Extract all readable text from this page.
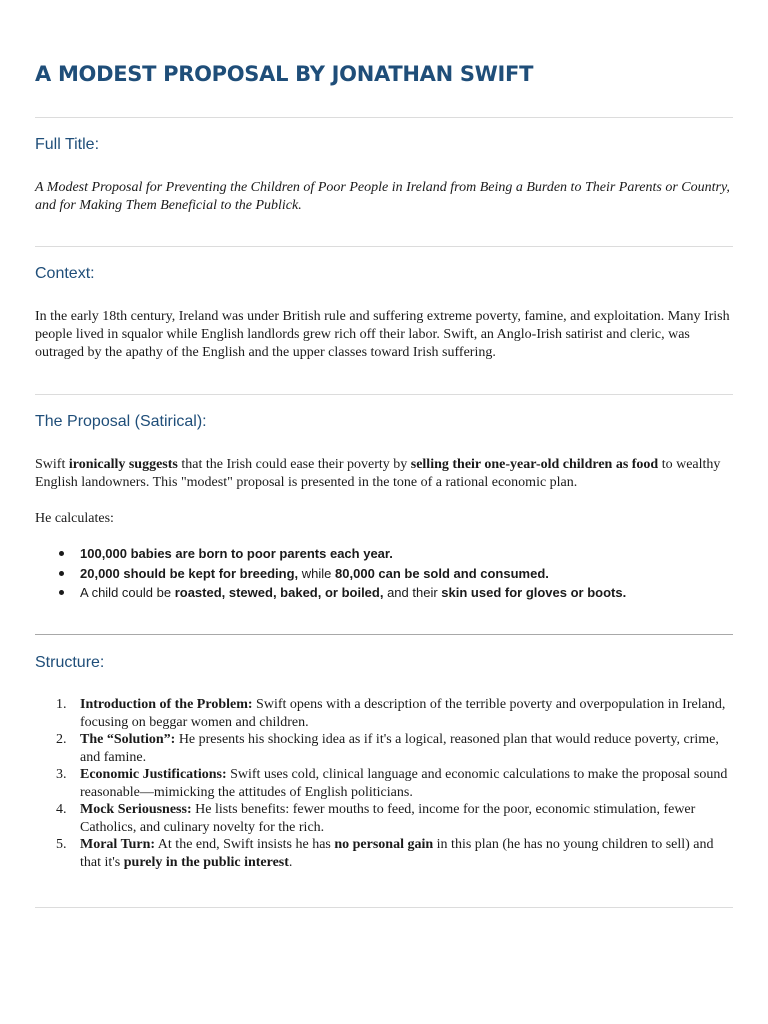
A MODEST PROPOSAL BY JONATHAN SWIFT
Full Title:

A Modest Proposal for Preventing the Children of Poor People in Ireland from Being a Burden to Their Parents or Country, and for Making Them Beneficial to the Publick.

Context:

In the early 18th century, Ireland was under British rule and suffering extreme poverty, famine, and exploitation. Many Irish people lived in squalor while English landlords grew rich off their labor. Swift, an Anglo-Irish satirist and cleric, was outraged by the apathy of the English and the upper classes toward Irish suffering.

The Proposal (Satirical):

Swift ironically suggests that the Irish could ease their poverty by selling their one-year-old children as food to wealthy English landowners. This "modest" proposal is presented in the tone of a rational economic plan.

He calculates:

100,000 babies are born to poor parents each year.
20,000 should be kept for breeding, while 80,000 can be sold and consumed.
A child could be roasted, stewed, baked, or boiled, and their skin used for gloves or boots.
Structure:
1. Introduction of the Problem: Swift opens with a description of the terrible poverty and overpopulation in Ireland, focusing on beggar women and children.
2. The “Solution”: He presents his shocking idea as if it's a logical, reasoned plan that would reduce poverty, crime, and famine.
3. Economic Justifications: Swift uses cold, clinical language and economic calculations to make the proposal sound reasonable—mimicking the attitudes of English politicians.
4. Mock Seriousness: He lists benefits: fewer mouths to feed, income for the poor, economic stimulation, fewer Catholics, and culinary novelty for the rich.
5. Moral Turn: At the end, Swift insists he has no personal gain in this plan (he has no young children to sell) and that it's purely in the public interest.
